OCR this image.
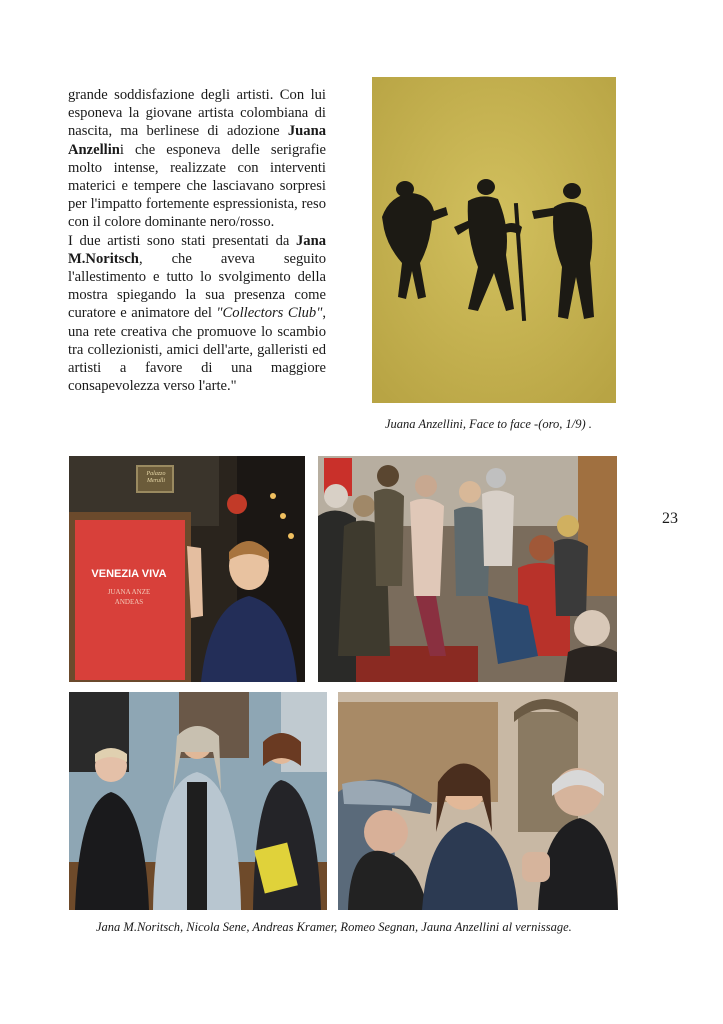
grande soddisfazione degli artisti. Con lui esponeva la giovane artista colombiana di nascita, ma berlinese di adozione Juana Anzellini che esponeva delle serigrafie molto intense, realizzate con interventi materici e tempere che lasciavano sorpresi per l'impatto fortemente espressionista, reso con il colore dominante nero/rosso.

I due artisti sono stati presentati da Jana M.Noritsch, che aveva seguito l'allestimento e tutto lo svolgimento della mostra spiegando la sua presenza come curatore e animatore del "Collectors Club", una rete creativa che promuove lo scambio tra collezionisti, amici dell'arte, galleristi ed artisti a favore di una maggiore consapevolezza verso l'arte."

Juana Anzellini, Face to face -(oro, 1/9) .

Palazzo Merulli
VENEZIA VIVA
JUANA ANZE
ANDEAS

Jana M.Noritsch, Nicola Sene, Andreas Kramer, Romeo Segnan, Jauna Anzellini al vernissage.

23
